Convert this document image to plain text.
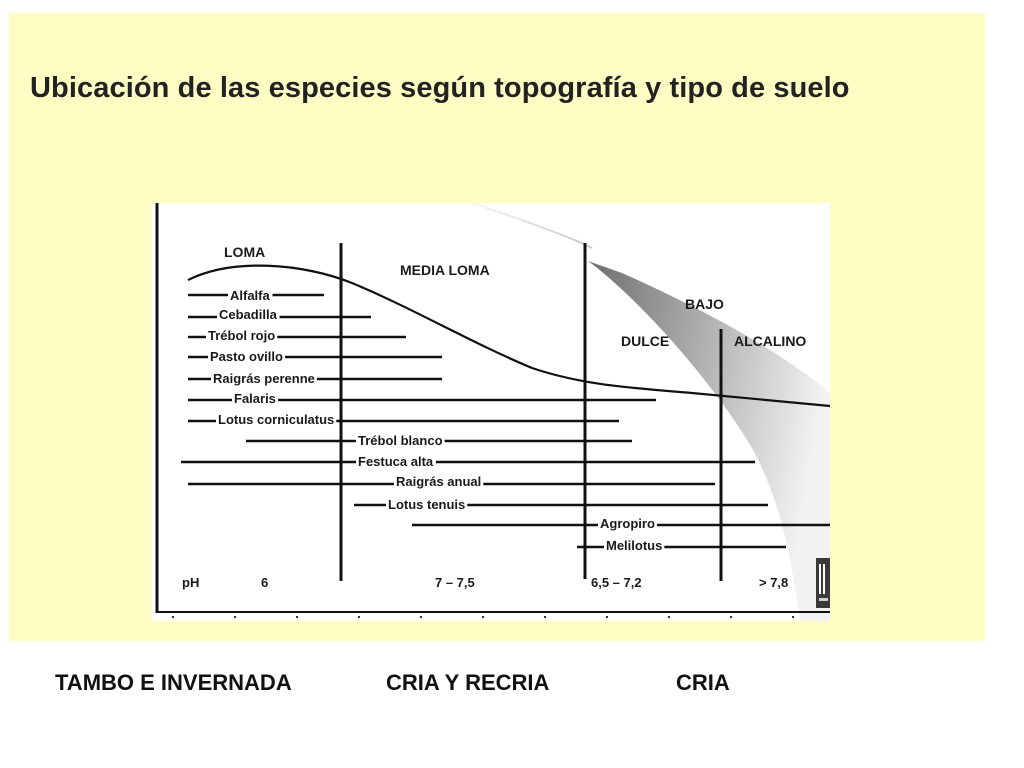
Ubicación de las especies según topografía y tipo de suelo
LOMA
MEDIA LOMA
BAJO
DULCE	ALCALINO
Alfalfa
Cebadilla
Trébol rojo
Pasto ovillo
Raigrás perenne
Falaris
Lotus corniculatus
Trébol blanco
Festuca alta
Raigrás anual
Lotus tenuis
Agropiro
Melilotus
pH	6	7 – 7,5	6,5 – 7,2	> 7,8
TAMBO E INVERNADA	CRIA Y RECRIA	CRIA
